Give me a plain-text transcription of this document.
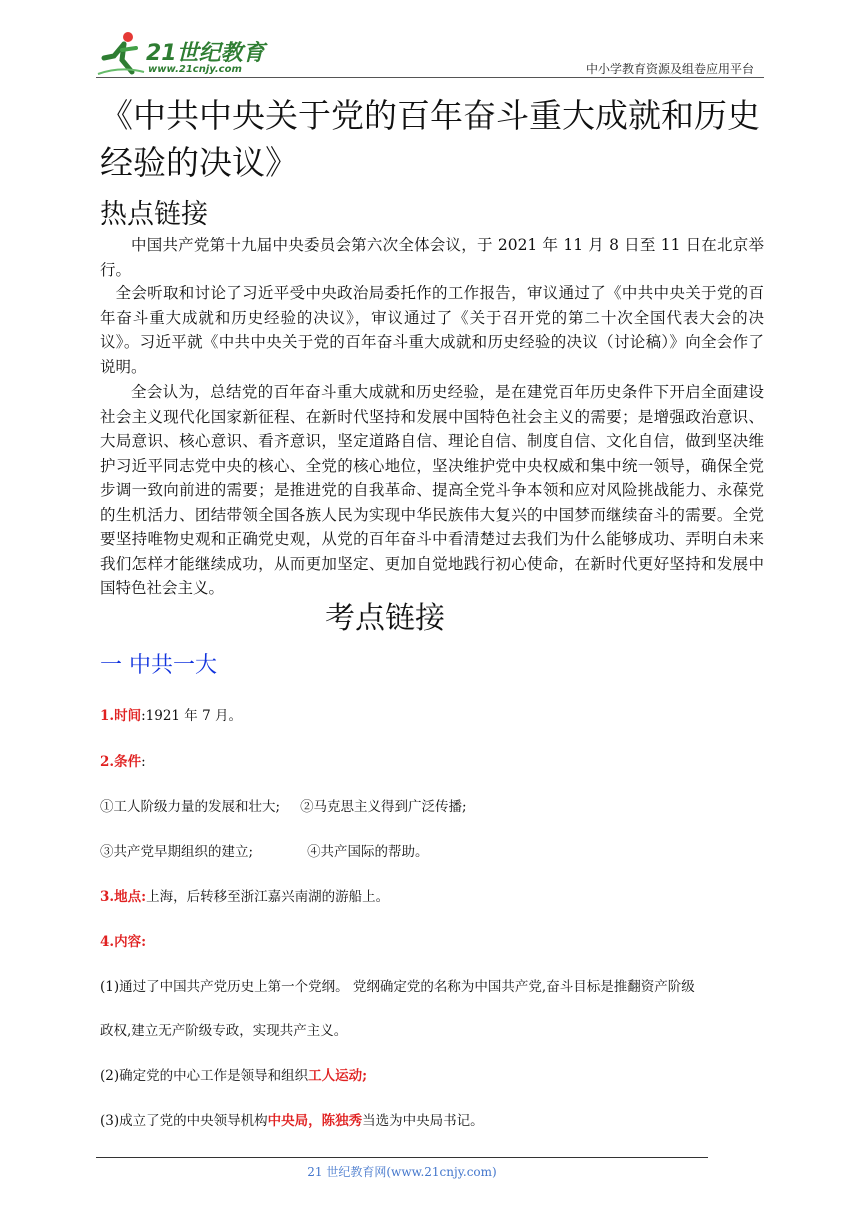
21世纪教育
www.21cnjy.com	中小学教育资源及组卷应用平台
《中共中央关于党的百年奋斗重大成就和历史经验的决议》
热点链接

中国共产党第十九届中央委员会第六次全体会议，于 2021 年 11 月 8 日至 11 日在北京举行。

全会听取和讨论了习近平受中央政治局委托作的工作报告，审议通过了《中共中央关于党的百年奋斗重大成就和历史经验的决议》，审议通过了《关于召开党的第二十次全国代表大会的决议》。习近平就《中共中央关于党的百年奋斗重大成就和历史经验的决议（讨论稿）》向全会作了说明。

全会认为，总结党的百年奋斗重大成就和历史经验，是在建党百年历史条件下开启全面建设社会主义现代化国家新征程、在新时代坚持和发展中国特色社会主义的需要；是增强政治意识、大局意识、核心意识、看齐意识，坚定道路自信、理论自信、制度自信、文化自信，做到坚决维护习近平同志党中央的核心、全党的核心地位，坚决维护党中央权威和集中统一领导，确保全党步调一致向前进的需要；是推进党的自我革命、提高全党斗争本领和应对风险挑战能力、永葆党的生机活力、团结带领全国各族人民为实现中华民族伟大复兴的中国梦而继续奋斗的需要。全党要坚持唯物史观和正确党史观，从党的百年奋斗中看清楚过去我们为什么能够成功、弄明白未来我们怎样才能继续成功，从而更加坚定、更加自觉地践行初心使命，在新时代更好坚持和发展中国特色社会主义。

考点链接
一 中共一大

1.时间:1921 年 7 月。

2.条件:

①工人阶级力量的发展和壮大; ②马克思主义得到广泛传播;

③共产党早期组织的建立;	④共产国际的帮助。

3.地点:上海，后转移至浙江嘉兴南湖的游船上。

4.内容:

(1)通过了中国共产党历史上第一个党纲。 党纲确定党的名称为中国共产党,奋斗目标是推翻资产阶级

政权,建立无产阶级专政，实现共产主义。

(2)确定党的中心工作是领导和组织工人运动;

(3)成立了党的中央领导机构中央局，陈独秀当选为中央局书记。

21 世纪教育网(www.21cnjy.com)
